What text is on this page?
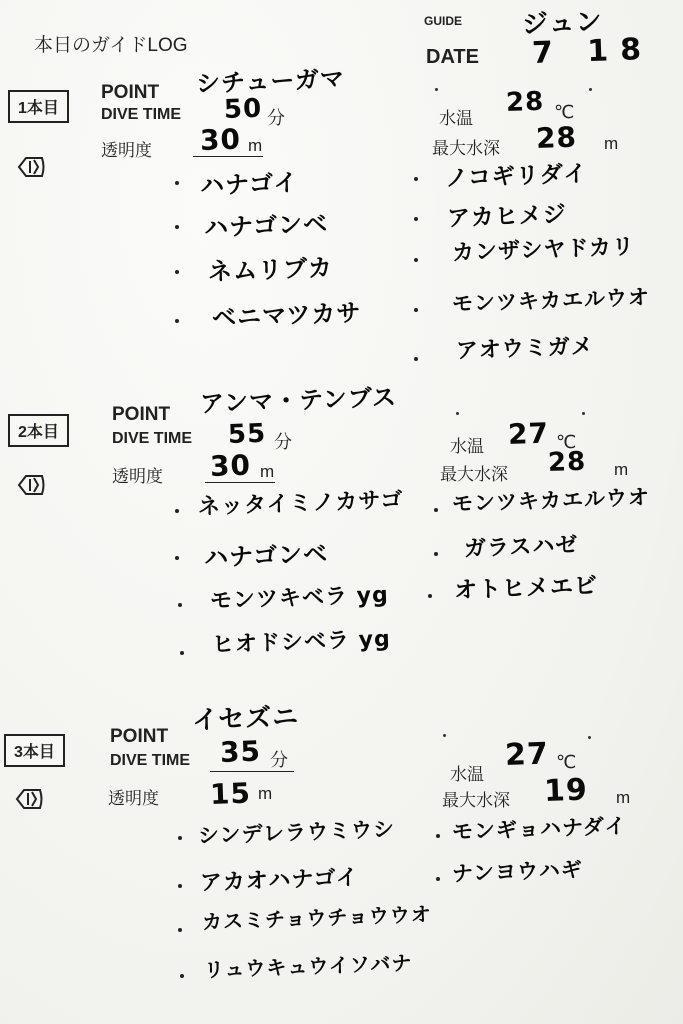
本日のガイドLOG
GUIDE ジュン
DATE 7 18
1本目
POINT シチューガマ
DIVE TIME 50 分
透明度 30 m
水温
28 ℃
最大水深 28 m
ハナゴイ
ハナゴンベ
ネムリブカ
ベニマツカサ
ノコギリダイ
アカヒメジ
カンザシヤドカリ
モンツキカエルウオ
アオウミガメ
2本目
POINT アンマ・テンブス
DIVE TIME 55 分
透明度 30 m
水温 27 ℃
最大水深 28 m
ネッタイミノカサゴ
ハナゴンベ
モンツキベラ yg
ヒオドシベラ yg
モンツキカエルウオ
ガラスハゼ
オトヒメエビ
3本目
POINT
イセズニ
DIVE TIME 35 分
透明度 15 m
水温
27 ℃
最大水深 19 m
シンデレラウミウシ
アカオハナゴイ
カスミチョウチョウウオ
リュウキュウイソバナ
モンギョハナダイ
ナンヨウハギ
